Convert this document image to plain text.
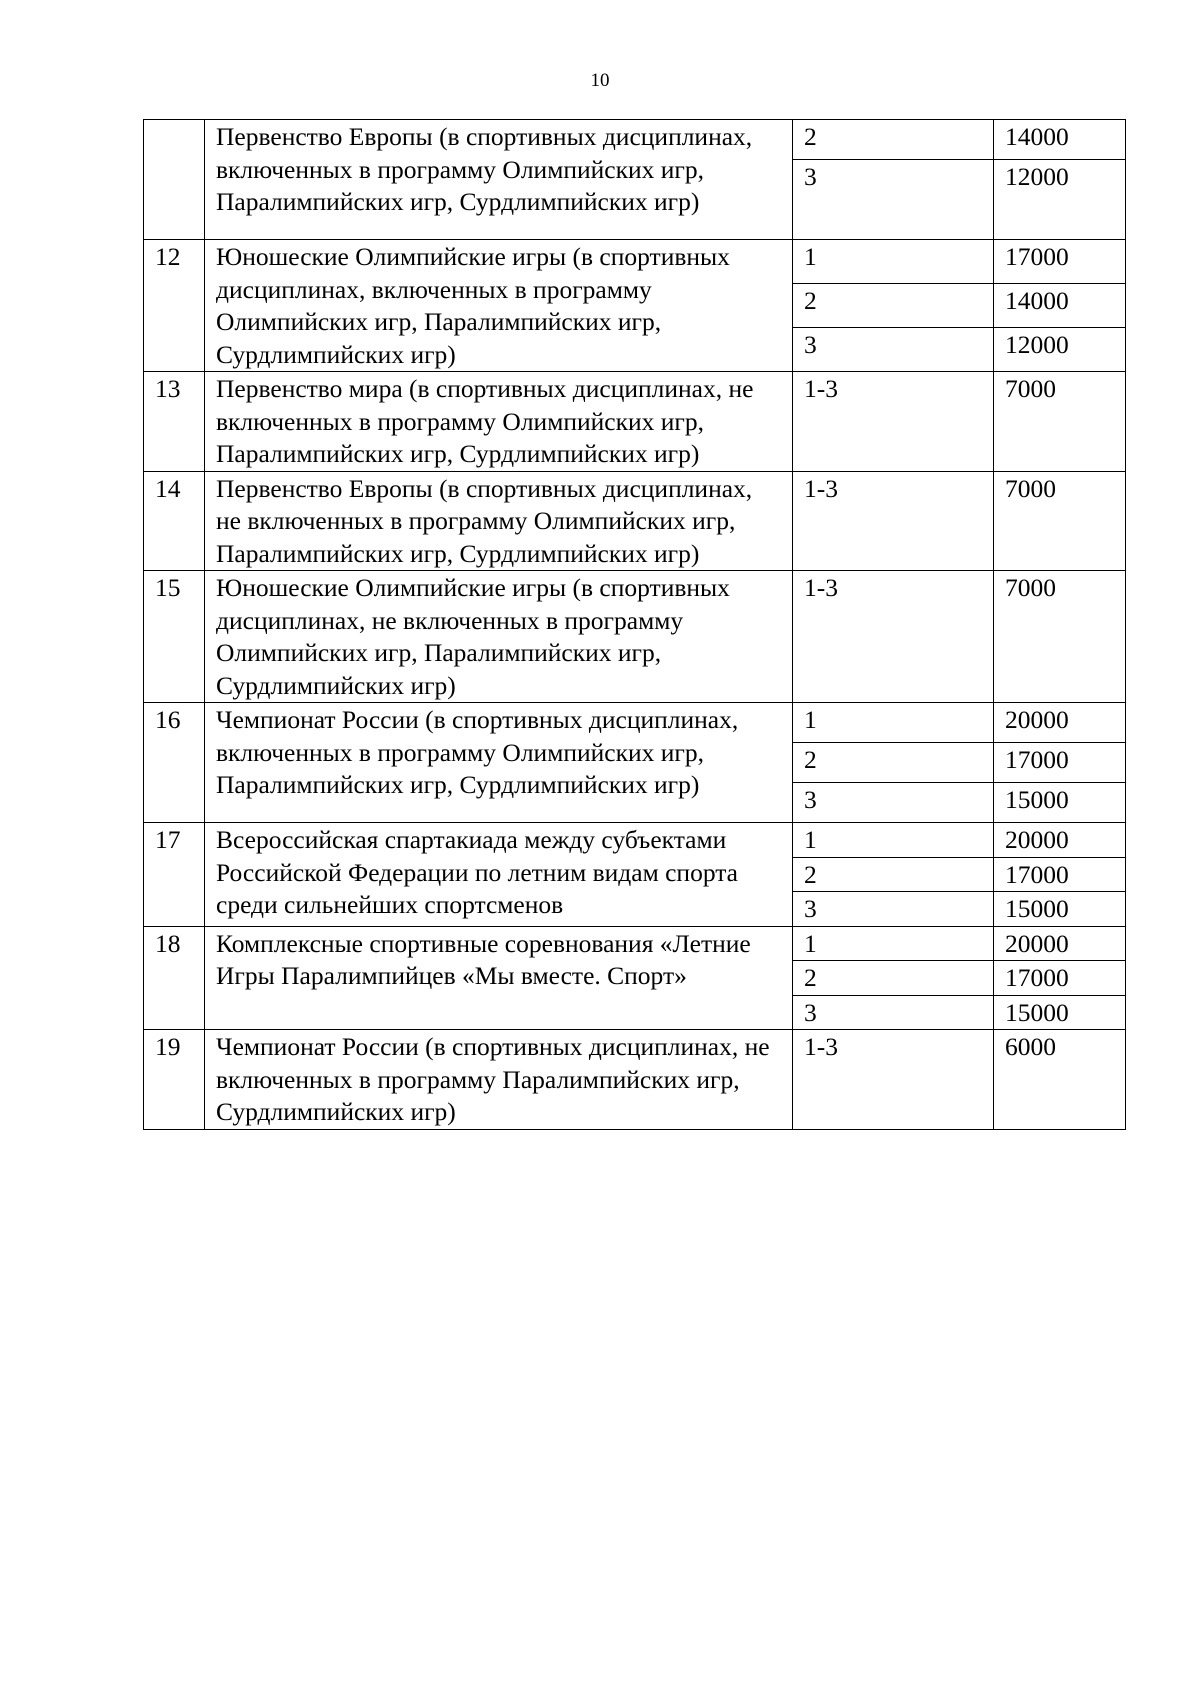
10
	Первенство Европы (в спортивных дисциплинах, включенных в программу Олимпийских игр, Паралимпийских игр, Сурдлимпийских игр)	2	14000
		3	12000
12	Юношеские Олимпийские игры (в спортивных дисциплинах, включенных в программу Олимпийских игр, Паралимпийских игр, Сурдлимпийских игр)	1	17000
		2	14000
		3	12000
13	Первенство мира (в спортивных дисциплинах, не включенных в программу Олимпийских игр, Паралимпийских игр, Сурдлимпийских игр)	1-3	7000
14	Первенство Европы (в спортивных дисциплинах, не включенных в программу Олимпийских игр, Паралимпийских игр, Сурдлимпийских игр)	1-3	7000
15	Юношеские Олимпийские игры (в спортивных дисциплинах, не включенных в программу Олимпийских игр, Паралимпийских игр, Сурдлимпийских игр)	1-3	7000
16	Чемпионат России (в спортивных дисциплинах, включенных в программу Олимпийских игр, Паралимпийских игр, Сурдлимпийских игр)	1	20000
		2	17000
		3	15000
17	Всероссийская спартакиада между субъектами Российской Федерации по летним видам спорта среди сильнейших спортсменов	1	20000
		2	17000
		3	15000
18	Комплексные спортивные соревнования «Летние Игры Паралимпийцев «Мы вместе. Спорт»	1	20000
		2	17000
		3	15000
19	Чемпионат России (в спортивных дисциплинах, не включенных в программу Паралимпийских игр, Сурдлимпийских игр)	1-3	6000
